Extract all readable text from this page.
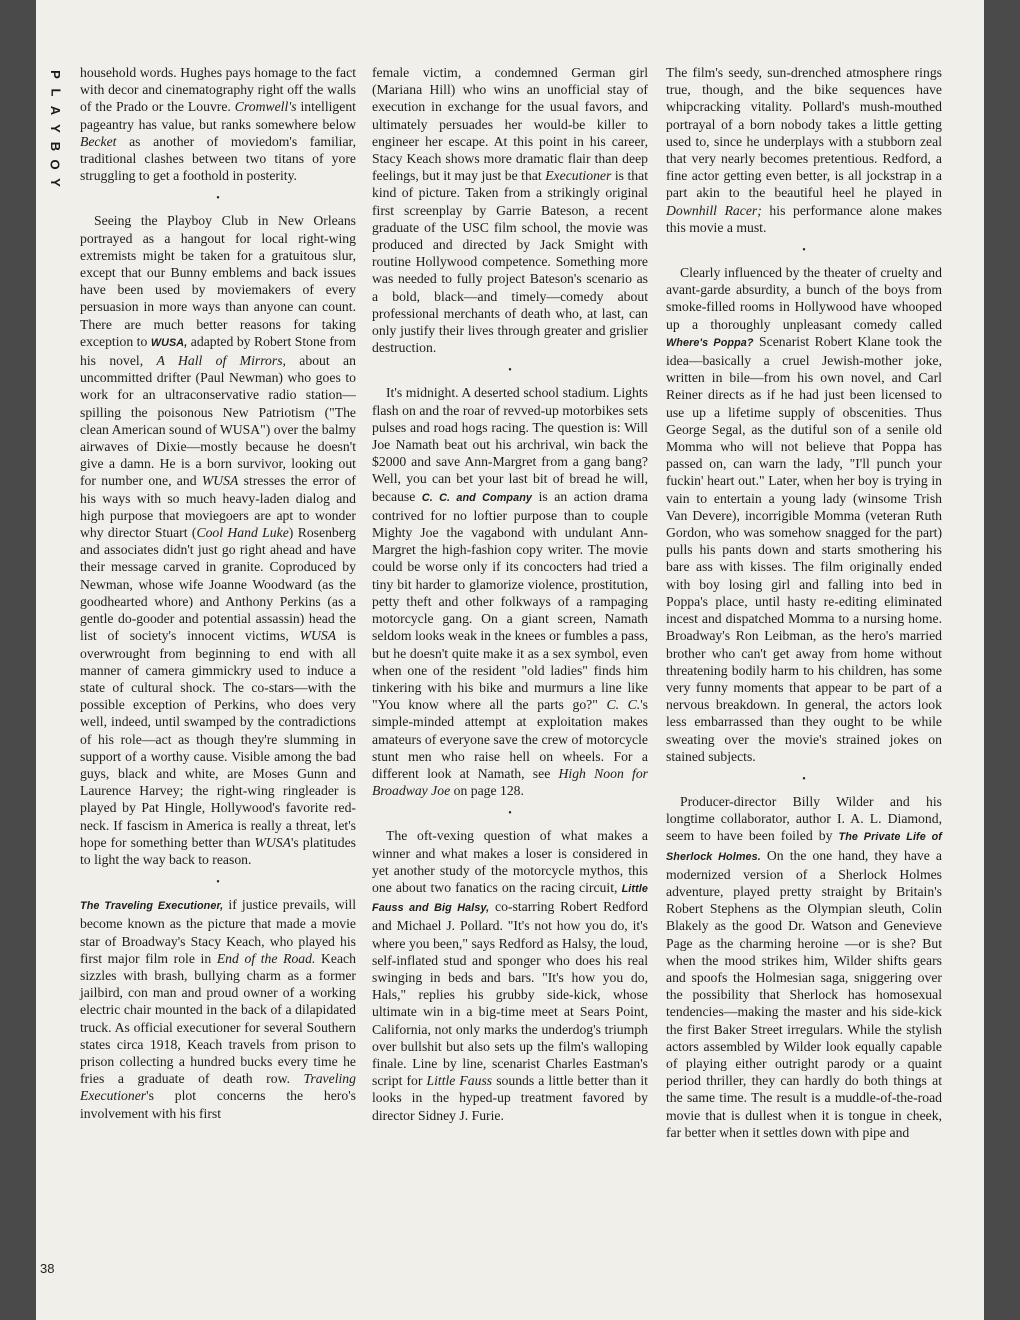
P
L
A
Y
B
O
Y
38

household words. Hughes pays homage to the fact with decor and cinematography right off the walls of the Prado or the Louvre. Cromwell's intelligent pageantry has value, but ranks somewhere below Becket as another of moviedom's familiar, traditional clashes between two titans of yore struggling to get a foothold in posterity.

•

Seeing the Playboy Club in New Orleans portrayed as a hangout for local right-wing extremists might be taken for a gratuitous slur, except that our Bunny emblems and back issues have been used by moviemakers of every persuasion in more ways than anyone can count. There are much better reasons for taking exception to WUSA, adapted by Robert Stone from his novel, A Hall of Mirrors, about an uncommitted drifter (Paul Newman) who goes to work for an ultraconservative radio station—spilling the poisonous New Patriotism ("The clean American sound of WUSA") over the balmy airwaves of Dixie—mostly because he doesn't give a damn. He is a born survivor, looking out for number one, and WUSA stresses the error of his ways with so much heavy-laden dialog and high purpose that moviegoers are apt to wonder why director Stuart (Cool Hand Luke) Rosenberg and associates didn't just go right ahead and have their message carved in granite. Coproduced by Newman, whose wife Joanne Woodward (as the goodhearted whore) and Anthony Perkins (as a gentle do-gooder and potential assassin) head the list of society's innocent victims, WUSA is overwrought from beginning to end with all manner of camera gimmickry used to induce a state of cultural shock. The co-stars—with the possible exception of Perkins, who does very well, indeed, until swamped by the contradictions of his role—act as though they're slumming in support of a worthy cause. Visible among the bad guys, black and white, are Moses Gunn and Laurence Harvey; the right-wing ringleader is played by Pat Hingle, Hollywood's favorite red-neck. If fascism in America is really a threat, let's hope for something better than WUSA's platitudes to light the way back to reason.

•

The Traveling Executioner, if justice prevails, will become known as the picture that made a movie star of Broadway's Stacy Keach, who played his first major film role in End of the Road. Keach sizzles with brash, bullying charm as a former jailbird, con man and proud owner of a working electric chair mounted in the back of a dilapidated truck. As official executioner for several Southern states circa 1918, Keach travels from prison to prison collecting a hundred bucks every time he fries a graduate of death row. Traveling Executioner's plot concerns the hero's involvement with his first

female victim, a condemned German girl (Mariana Hill) who wins an unofficial stay of execution in exchange for the usual favors, and ultimately persuades her would-be killer to engineer her escape. At this point in his career, Stacy Keach shows more dramatic flair than deep feelings, but it may just be that Executioner is that kind of picture. Taken from a strikingly original first screenplay by Garrie Bateson, a recent graduate of the USC film school, the movie was produced and directed by Jack Smight with routine Hollywood competence. Something more was needed to fully project Bateson's scenario as a bold, black—and timely—comedy about professional merchants of death who, at last, can only justify their lives through greater and grislier destruction.

•

It's midnight. A deserted school stadium. Lights flash on and the roar of revved-up motorbikes sets pulses and road hogs racing. The question is: Will Joe Namath beat out his archrival, win back the $2000 and save Ann-Margret from a gang bang? Well, you can bet your last bit of bread he will, because C. C. and Company is an action drama contrived for no loftier purpose than to couple Mighty Joe the vagabond with undulant Ann-Margret the high-fashion copy writer. The movie could be worse only if its concocters had tried a tiny bit harder to glamorize violence, prostitution, petty theft and other folkways of a rampaging motorcycle gang. On a giant screen, Namath seldom looks weak in the knees or fumbles a pass, but he doesn't quite make it as a sex symbol, even when one of the resident "old ladies" finds him tinkering with his bike and murmurs a line like "You know where all the parts go?" C. C.'s simple-minded attempt at exploitation makes amateurs of everyone save the crew of motorcycle stunt men who raise hell on wheels. For a different look at Namath, see High Noon for Broadway Joe on page 128.

•

The oft-vexing question of what makes a winner and what makes a loser is considered in yet another study of the motorcycle mythos, this one about two fanatics on the racing circuit, Little Fauss and Big Halsy, co-starring Robert Redford and Michael J. Pollard. "It's not how you do, it's where you been," says Redford as Halsy, the loud, self-inflated stud and sponger who does his real swinging in beds and bars. "It's how you do, Hals," replies his grubby side-kick, whose ultimate win in a big-time meet at Sears Point, California, not only marks the underdog's triumph over bullshit but also sets up the film's walloping finale. Line by line, scenarist Charles Eastman's script for Little Fauss sounds a little better than it looks in the hyped-up treatment favored by director Sidney J. Furie.

The film's seedy, sun-drenched atmosphere rings true, though, and the bike sequences have whipcracking vitality. Pollard's mush-mouthed portrayal of a born nobody takes a little getting used to, since he underplays with a stubborn zeal that very nearly becomes pretentious. Redford, a fine actor getting even better, is all jockstrap in a part akin to the beautiful heel he played in Downhill Racer; his performance alone makes this movie a must.

•

Clearly influenced by the theater of cruelty and avant-garde absurdity, a bunch of the boys from smoke-filled rooms in Hollywood have whooped up a thoroughly unpleasant comedy called Where's Poppa? Scenarist Robert Klane took the idea—basically a cruel Jewish-mother joke, written in bile—from his own novel, and Carl Reiner directs as if he had just been licensed to use up a lifetime supply of obscenities. Thus George Segal, as the dutiful son of a senile old Momma who will not believe that Poppa has passed on, can warn the lady, "I'll punch your fuckin' heart out." Later, when her boy is trying in vain to entertain a young lady (winsome Trish Van Devere), incorrigible Momma (veteran Ruth Gordon, who was somehow snagged for the part) pulls his pants down and starts smothering his bare ass with kisses. The film originally ended with boy losing girl and falling into bed in Poppa's place, until hasty re-editing eliminated incest and dispatched Momma to a nursing home. Broadway's Ron Leibman, as the hero's married brother who can't get away from home without threatening bodily harm to his children, has some very funny moments that appear to be part of a nervous breakdown. In general, the actors look less embarrassed than they ought to be while sweating over the movie's strained jokes on stained subjects.

•

Producer-director Billy Wilder and his longtime collaborator, author I. A. L. Diamond, seem to have been foiled by The Private Life of Sherlock Holmes. On the one hand, they have a modernized version of a Sherlock Holmes adventure, played pretty straight by Britain's Robert Stephens as the Olympian sleuth, Colin Blakely as the good Dr. Watson and Genevieve Page as the charming heroine —or is she? But when the mood strikes him, Wilder shifts gears and spoofs the Holmesian saga, sniggering over the possibility that Sherlock has homosexual tendencies—making the master and his side-kick the first Baker Street irregulars. While the stylish actors assembled by Wilder look equally capable of playing either outright parody or a quaint period thriller, they can hardly do both things at the same time. The result is a muddle-of-the-road movie that is dullest when it is tongue in cheek, far better when it settles down with pipe and
